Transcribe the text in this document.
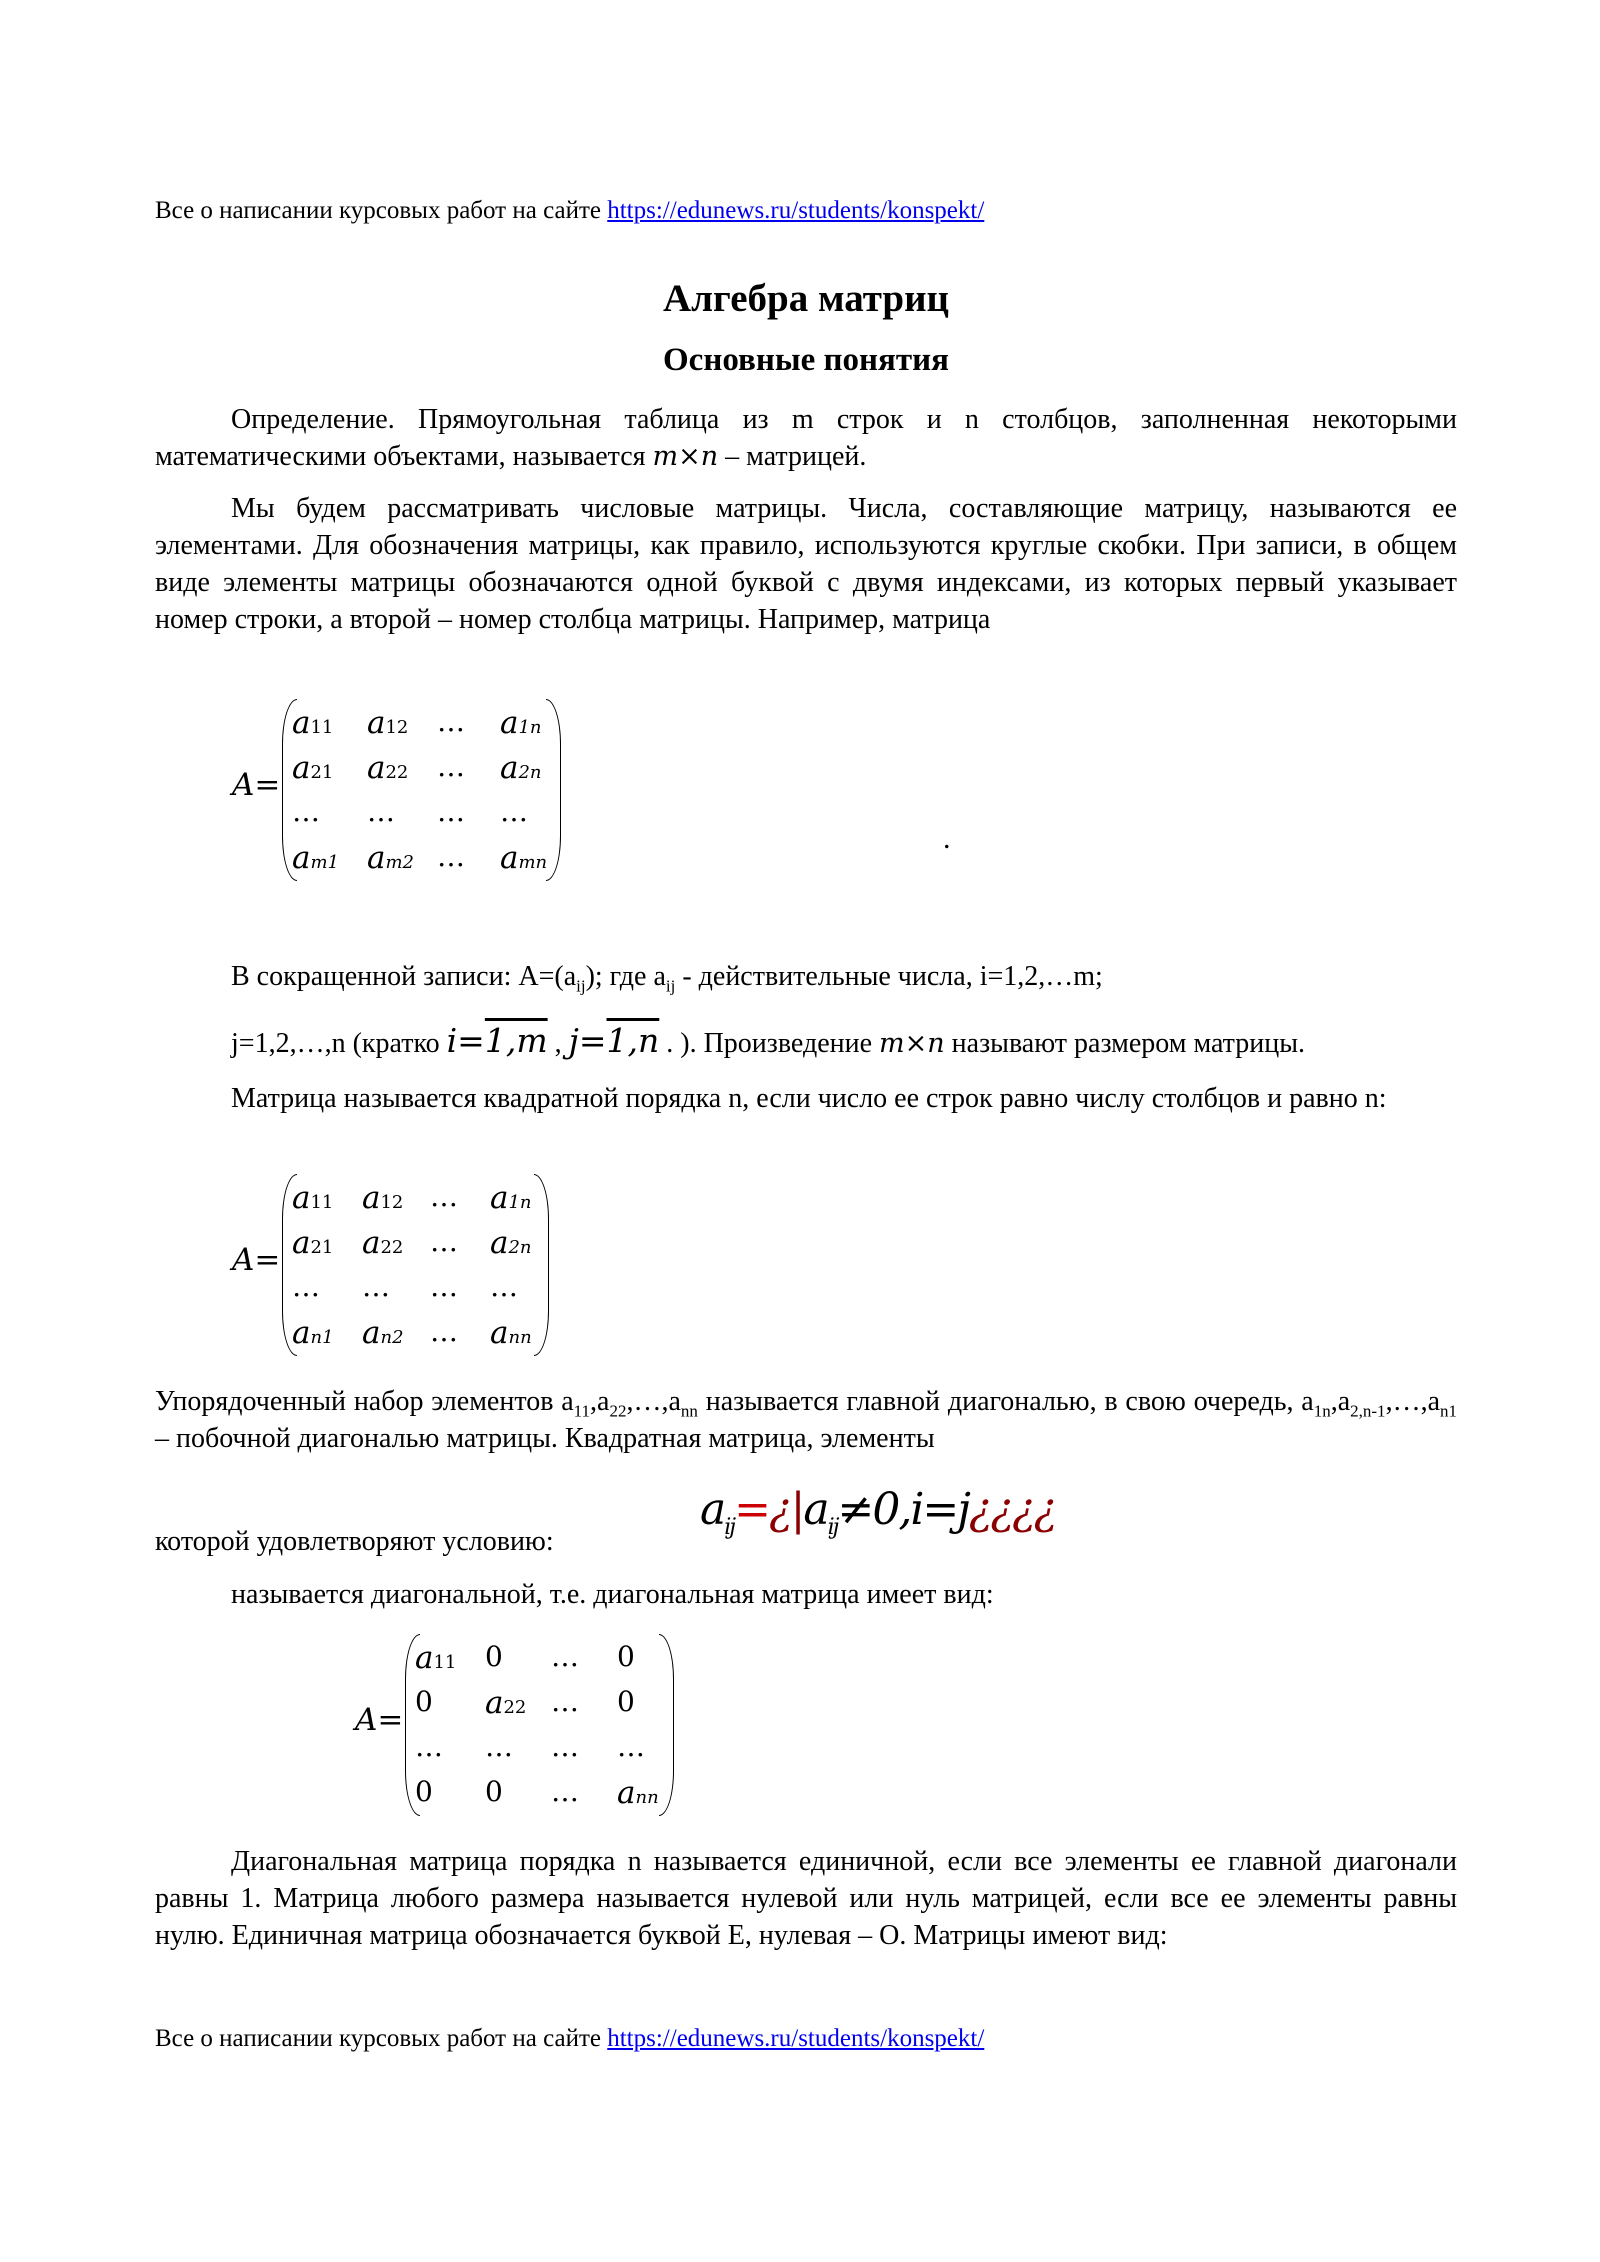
Все о написании курсовых работ на сайте https://edunews.ru/students/konspekt/
Алгебра матриц
Основные понятия
Определение. Прямоугольная таблица из m строк и n столбцов, заполненная некоторыми математическими объектами, называется m×n – матрицей.
Мы будем рассматривать числовые матрицы. Числа, составляющие матрицу, называются ее элементами. Для обозначения матрицы, как правило, используются круглые скобки. При записи, в общем виде элементы матрицы обозначаются одной буквой с двумя индексами, из которых первый указывает номер строки, а второй – номер столбца матрицы. Например, матрица
A=
a11 a12 … a1n
a21 a22 … a2n
… … … …
am1 am2 … amn
.
В сокращенной записи: $A=(a_{ij})$; где $a_{ij}$ - действительные числа, i=1,2,…m;
j=1,2,…,n (кратко i=1,m , j=1,n . ). Произведение m×n называют размером матрицы.
Матрица называется квадратной порядка n, если число ее строк равно числу столбцов и равно n:
A=
a11 a12 … a1n
a21 a22 … a2n
… … … …
an1 an2 … ann
Упорядоченный набор элементов $a_{11},a_{22},\dots,a_{nn}$ называется главной диагональю, в свою очередь, $a_{1n},a_{2,n-1},\dots,a_{n1}$ – побочной диагональю матрицы. Квадратная матрица, элементы
которой удовлетворяют условию:
$a_{ij}=¿|a_{ij}\ne 0,i=j¿¿¿¿$
называется диагональной, т.е. диагональная матрица имеет вид:
A=
a11 0 … 0
0 a22 … 0
… … … …
0 0 … ann
Диагональная матрица порядка n называется единичной, если все элементы ее главной диагонали равны 1. Матрица любого размера называется нулевой или нуль матрицей, если все ее элементы равны нулю. Единичная матрица обозначается буквой E, нулевая – O. Матрицы имеют вид:
Все о написании курсовых работ на сайте https://edunews.ru/students/konspekt/
